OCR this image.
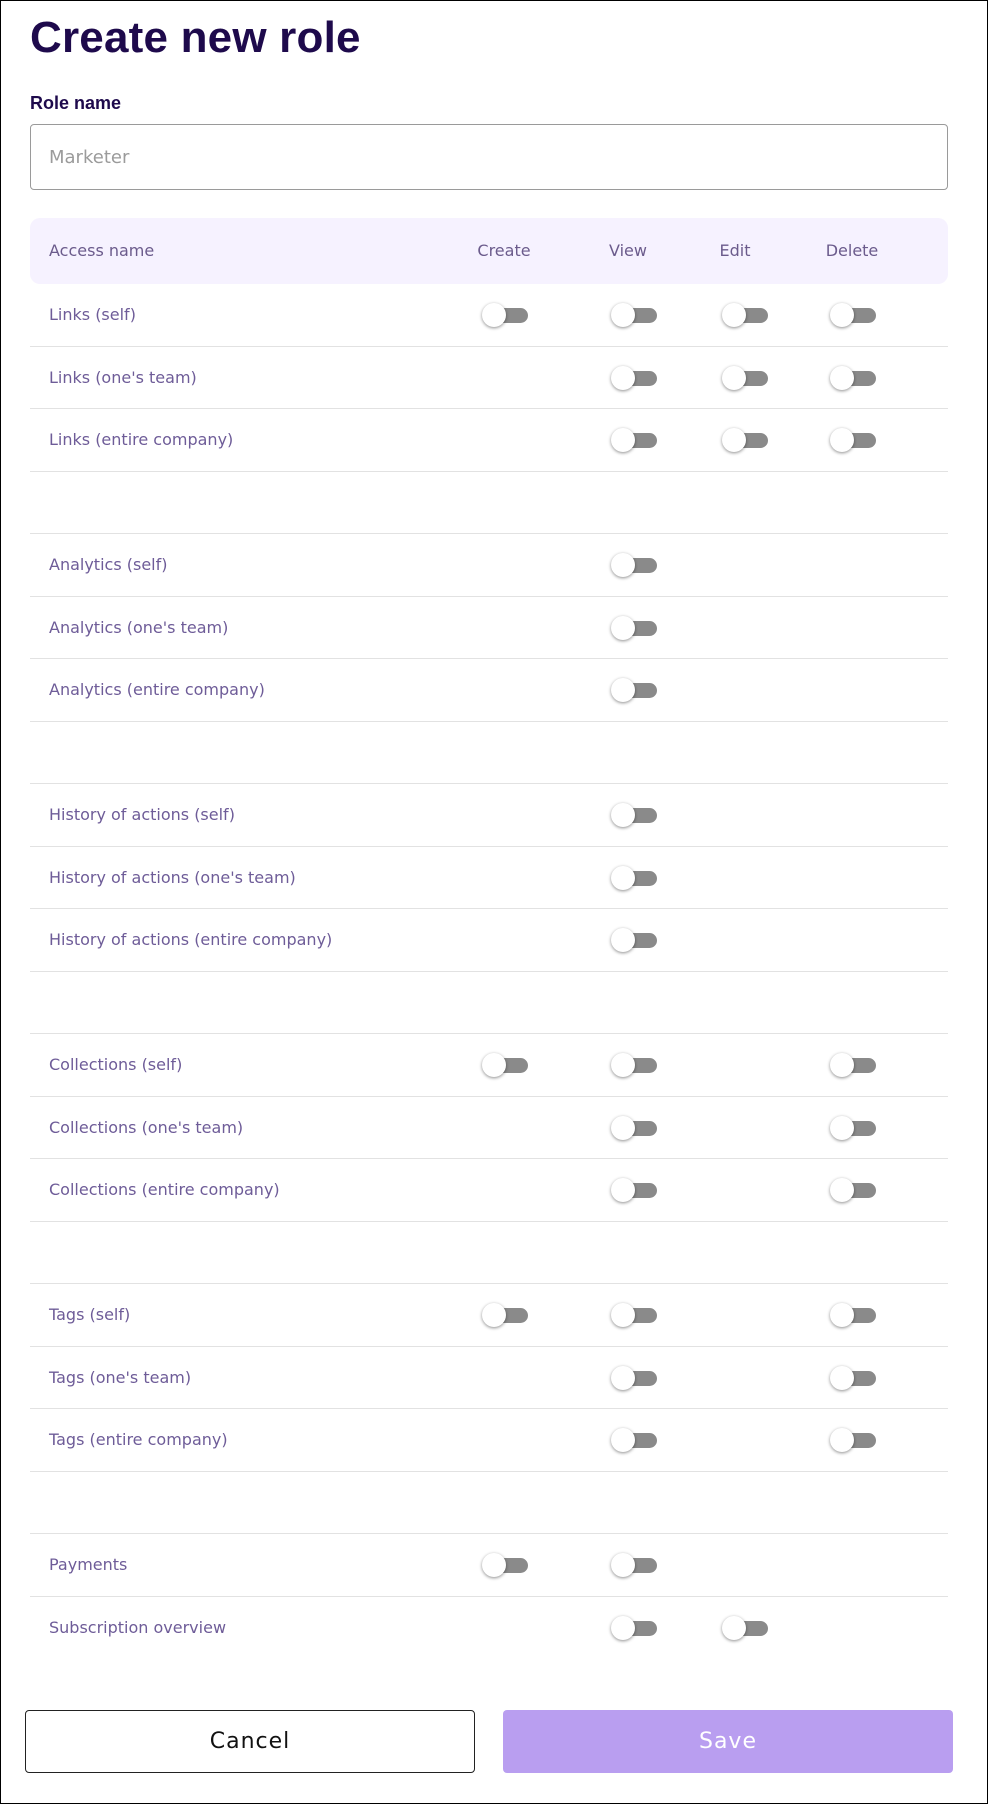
Create new role
Role name
Marketer
Access name	Create	View	Edit	Delete
Links (self)
Links (one's team)
Links (entire company)
Analytics (self)
Analytics (one's team)
Analytics (entire company)
History of actions (self)
History of actions (one's team)
History of actions (entire company)
Collections (self)
Collections (one's team)
Collections (entire company)
Tags (self)
Tags (one's team)
Tags (entire company)
Payments
Subscription overview
Cancel	Save
